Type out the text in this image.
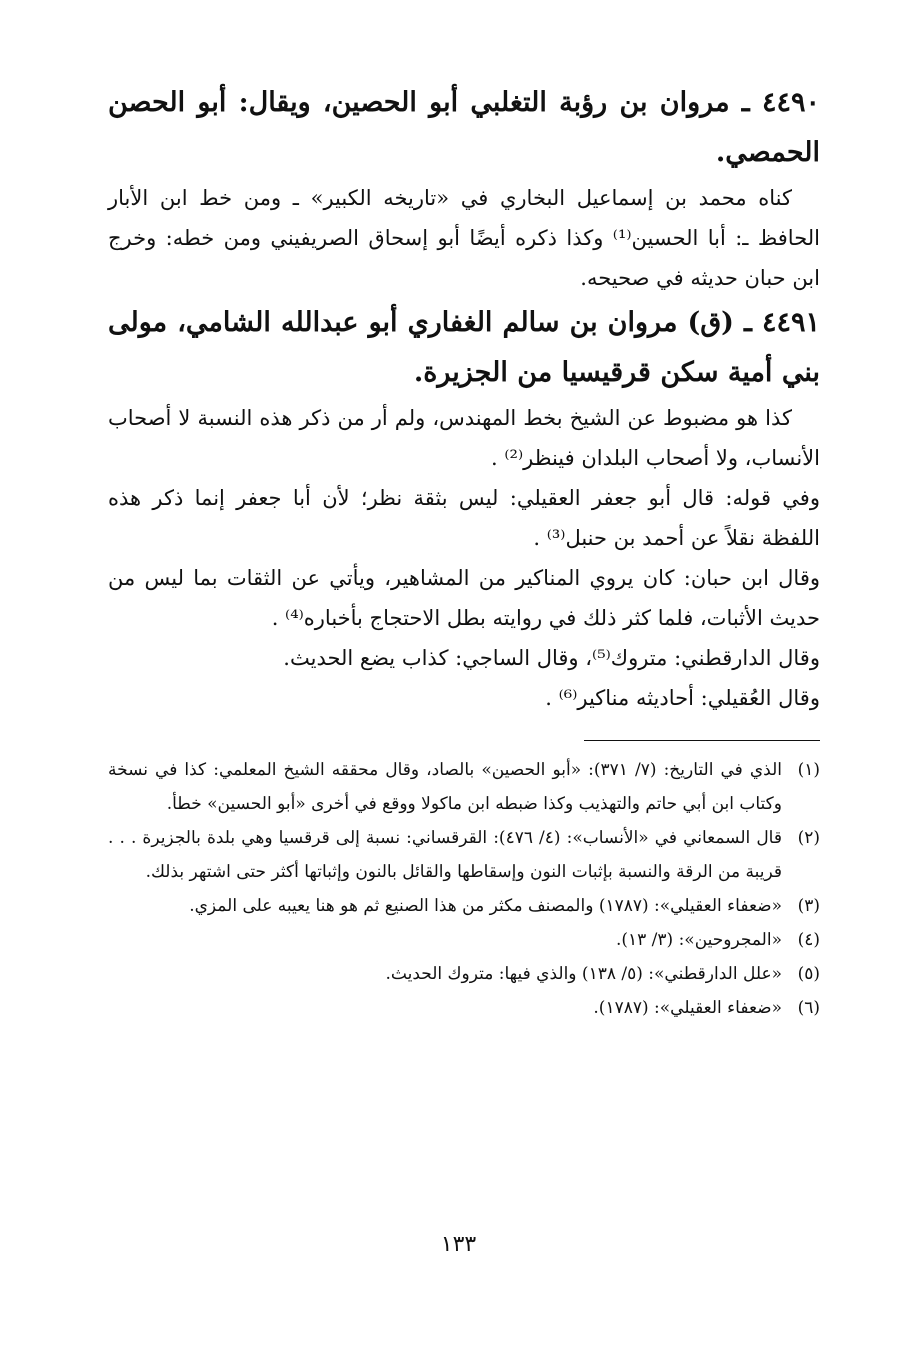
٤٤٩٠ ـ مروان بن رؤبة التغلبي أبو الحصين، ويقال: أبو الحصن الحمصي.

كناه محمد بن إسماعيل البخاري في «تاريخه الكبير» ـ ومن خط ابن الأبار الحافظ ـ: أبا الحسين⁽¹⁾ وكذا ذكره أيضًا أبو إسحاق الصريفيني ومن خطه: وخرج ابن حبان حديثه في صحيحه.

٤٤٩١ ـ (ق) مروان بن سالم الغفاري أبو عبدالله الشامي، مولى بني أمية سكن قرقيسيا من الجزيرة.

كذا هو مضبوط عن الشيخ بخط المهندس، ولم أر من ذكر هذه النسبة لا أصحاب الأنساب، ولا أصحاب البلدان فينظر⁽²⁾ .

وفي قوله: قال أبو جعفر العقيلي: ليس بثقة نظر؛ لأن أبا جعفر إنما ذكر هذه اللفظة نقلاً عن أحمد بن حنبل⁽³⁾ .

وقال ابن حبان: كان يروي المناكير من المشاهير، ويأتي عن الثقات بما ليس من حديث الأثبات، فلما كثر ذلك في روايته بطل الاحتجاج بأخباره⁽⁴⁾ .

وقال الدارقطني: متروك⁽⁵⁾، وقال الساجي: كذاب يضع الحديث.

وقال العُقيلي: أحاديثه مناكير⁽⁶⁾ .

(١)
الذي في التاريخ: (٧/ ٣٧١): «أبو الحصين» بالصاد، وقال محققه الشيخ المعلمي: كذا في نسخة وكتاب ابن أبي حاتم والتهذيب وكذا ضبطه ابن ماكولا ووقع في أخرى «أبو الحسين» خطأ.
(٢)
قال السمعاني في «الأنساب»: (٤/ ٤٧٦): القرقساني: نسبة إلى قرقسيا وهي بلدة بالجزيرة . . . قريبة من الرقة والنسبة بإثبات النون وإسقاطها والقائل بالنون وإثباتها أكثر حتى اشتهر بذلك.
(٣)
«ضعفاء العقيلي»: (١٧٨٧) والمصنف مكثر من هذا الصنيع ثم هو هنا يعيبه على المزي.
(٤)
«المجروحين»: (٣/ ١٣).
(٥)
«علل الدارقطني»: (٥/ ١٣٨) والذي فيها: متروك الحديث.
(٦)
«ضعفاء العقيلي»: (١٧٨٧).
١٣٣
